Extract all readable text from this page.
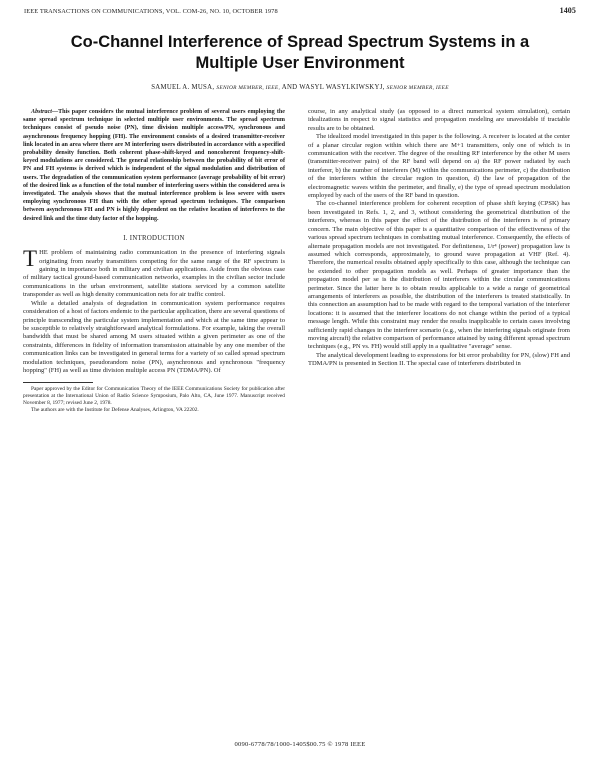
IEEE TRANSACTIONS ON COMMUNICATIONS, VOL. COM-26, NO. 10, OCTOBER 1978	1405
Co-Channel Interference of Spread Spectrum Systems in a Multiple User Environment
SAMUEL A. MUSA, SENIOR MEMBER, IEEE, AND WASYL WASYLKIWSKYJ, SENIOR MEMBER, IEEE

Abstract—This paper considers the mutual interference problem of several users employing the same spread spectrum technique in selected multiple user environments. The spread spectrum techniques consist of pseudo noise (PN), time division multiple access/PN, synchronous and asynchronous frequency hopping (FH). The environment consists of a desired transmitter-receiver link located in an area where there are M interfering users distributed in accordance with a specified probability density function. Both coherent phase-shift-keyed and noncoherent frequency-shift-keyed modulations are considered. The general relationship between the probability of bit error of PN and FH systems is derived which is independent of the signal modulation and distribution of users. The degradation of the communication system performance (average probability of bit error) of the desired link as a function of the total number of interfering users within the considered area is investigated. The analysis shows that the mutual interference problem is less severe with users employing synchronous FH than with the other spread spectrum techniques. The comparison between asynchronous FH and PN is highly dependent on the relative location of interferers to the desired link and the time duty factor of the hopping.

I. INTRODUCTION

THE problem of maintaining radio communication in the presence of interfering signals originating from nearby transmitters competing for the same range of the RF spectrum is gaining in importance both in military and civilian applications. Aside from the obvious case of military tactical ground-based communication networks, examples in the civilian sector include communications in the urban environment, satellite stations serviced by a common satellite transponder as well as high density communication nets for air traffic control.

While a detailed analysis of degradation in communication system performance requires consideration of a host of factors endemic to the particular application, there are several questions of principle transcending the particular system implementation and which at the same time appear to be susceptible to relatively straightforward analytical formulations. For example, taking the overall bandwidth that must be shared among M users situated within a given perimeter as one of the constraints, differences in fidelity of information transmission attainable by any one member of the communication links can be investigated in general terms for a variety of so called spread spectrum modulation techniques, pseudorandom noise (PN), asynchronous and synchronous "frequency hopping" (FH) as well as time division multiple access PN (TDMA/PN). Of

Paper approved by the Editor for Communication Theory of the IEEE Communications Society for publication after presentation at the International Union of Radio Science Symposium, Palo Alto, CA, June 1977. Manuscript received November 8, 1977; revised June 2, 1978.

The authors are with the Institute for Defense Analyses, Arlington, VA 22202.

course, in any analytical study (as opposed to a direct numerical system simulation), certain idealizations in respect to signal statistics and propagation modeling are unavoidable if tractable results are to be obtained.

The idealized model investigated in this paper is the following. A receiver is located at the center of a planar circular region within which there are M+1 transmitters, only one of which is in communication with the receiver. The degree of the resulting RF interference by the other M users (transmitter-receiver pairs) of the RF band will depend on a) the RF power radiated by each interferer, b) the number of interferers (M) within the communications perimeter, c) the distribution of the interferers within the circular region in question, d) the law of propagation of the electromagnetic waves within the perimeter, and finally, e) the type of spread spectrum modulation employed by each of the users of the RF band in question.

The co-channel interference problem for coherent reception of phase shift keying (CPSK) has been investigated in Refs. 1, 2, and 3, without considering the geometrical distribution of the interferers, whereas in this paper the effect of the distribution of the interferers is of primary concern. The main objective of this paper is a quantitative comparison of the effectiveness of the various spread spectrum techniques in combatting mutual interference. Consequently, the effects of alternate propagation models are not investigated. For definiteness, 1/r⁴ (power) propagation law is assumed which corresponds, approximately, to ground wave propagation at VHF (Ref. 4). Therefore, the numerical results obtained apply specifically to this case, although the technique can be extended to other propagation models as well. Perhaps of greater importance than the propagation model per se is the distribution of interferers within the circular communications perimeter. Since the latter here is to obtain results applicable to a wide a range of geometrical arrangements of interferers as possible, the distribution of the interferers is treated statistically. In this connection an assumption had to be made with regard to the temporal variation of the interferer locations: it is assumed that the interferer locations do not change within the period of a typical message length. While this constraint may render the results inapplicable to certain cases involving sufficiently rapid changes in the interferer scenario (e.g., when the interfering signals originate from moving aircraft) the relative comparison of performance attained by using different spread spectrum techniques (e.g., PN vs. FH) would still apply in a qualitative "average" sense.

The analytical development leading to expressions for bit error probability for PN, (slow) FH and TDMA/PN is presented in Section II. The special case of interferers distributed in

0090-6778/78/1000-1405$00.75 © 1978 IEEE
